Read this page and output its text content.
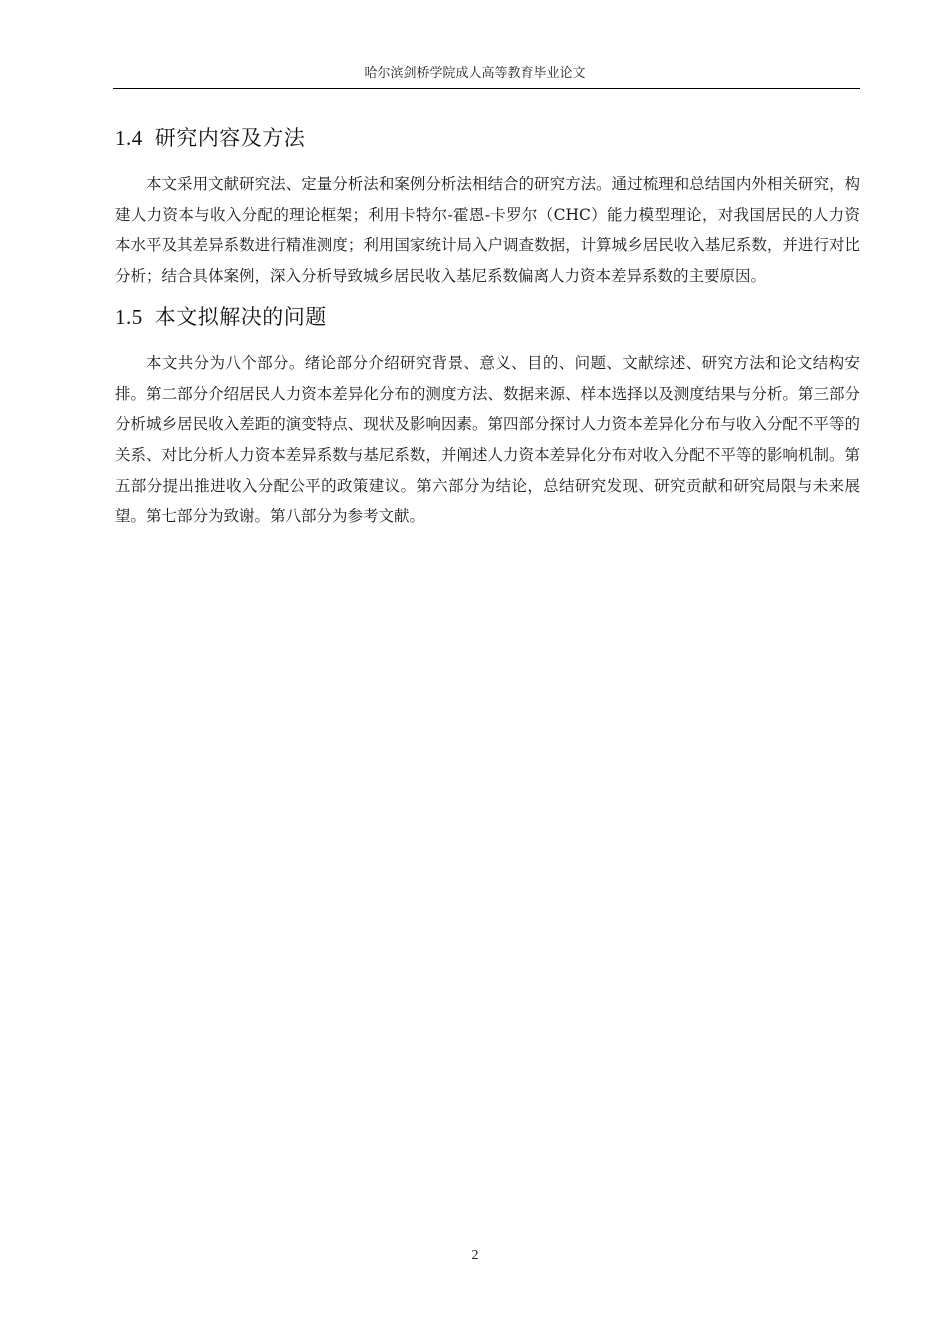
哈尔滨剑桥学院成人高等教育毕业论文
1.4 研究内容及方法

本文采用文献研究法、定量分析法和案例分析法相结合的研究方法。通过梳理和总结国内外相关研究，构建人力资本与收入分配的理论框架；利用卡特尔-霍恩-卡罗尔（CHC）能力模型理论，对我国居民的人力资本水平及其差异系数进行精准测度；利用国家统计局入户调查数据，计算城乡居民收入基尼系数，并进行对比分析；结合具体案例，深入分析导致城乡居民收入基尼系数偏离人力资本差异系数的主要原因。

1.5 本文拟解决的问题

本文共分为八个部分。绪论部分介绍研究背景、意义、目的、问题、文献综述、研究方法和论文结构安排。第二部分介绍居民人力资本差异化分布的测度方法、数据来源、样本选择以及测度结果与分析。第三部分分析城乡居民收入差距的演变特点、现状及影响因素。第四部分探讨人力资本差异化分布与收入分配不平等的关系、对比分析人力资本差异系数与基尼系数，并阐述人力资本差异化分布对收入分配不平等的影响机制。第五部分提出推进收入分配公平的政策建议。第六部分为结论，总结研究发现、研究贡献和研究局限与未来展望。第七部分为致谢。第八部分为参考文献。

2
